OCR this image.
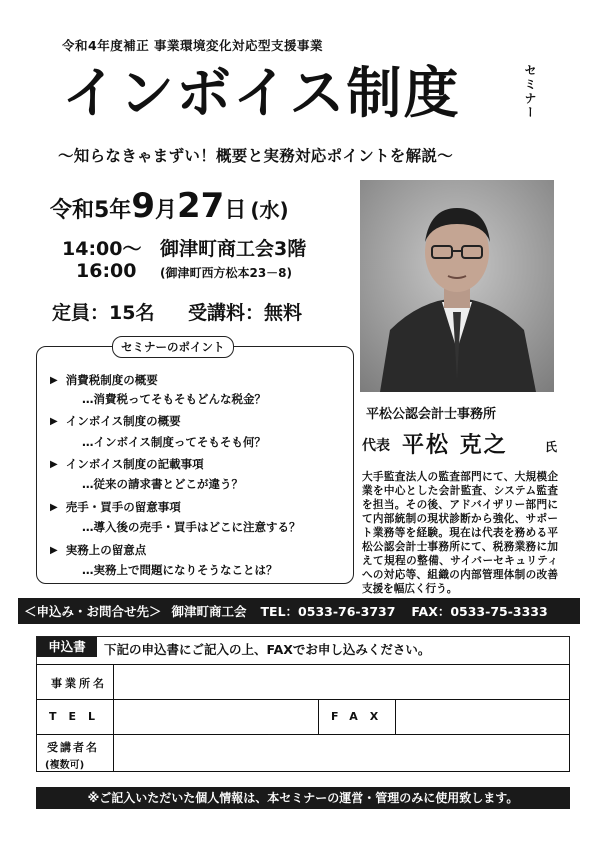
令和4年度補正 事業環境変化対応型支援事業
インボイス制度	セミナー
～知らなきゃまずい！概要と実務対応ポイントを解説～
令和5年9月27日 (水)
14:00～
16:00
御津町商工会3階
(御津町西方松本23－8)
定員：15名 受講料：無料
平松公認会計士事務所
代表 平松 克之	氏
大手監査法人の監査部門にて、大規模企業を中心とした会計監査、システム監査を担当。その後、アドバイザリー部門にて内部統制の現状診断から強化、サポート業務等を経験。現在は代表を務める平松公認会計士事務所にて、税務業務に加えて規程の整備、サイバーセキュリティへの対応等、組織の内部管理体制の改善支援を幅広く行う。
セミナーのポイント
▶ 消費税制度の概要
…消費税ってそもそもどんな税金？
▶ インボイス制度の概要
…インボイス制度ってそもそも何？
▶ インボイス制度の記載事項
…従来の請求書とどこが違う？
▶ 売手・買手の留意事項
…導入後の売手・買手はどこに注意する？
▶ 実務上の留意点
…実務上で問題になりそうなことは？
＜申込み・お問合せ先＞ 御津町商工会 TEL：0533-76-3737 FAX：0533-75-3333
申込書	下記の申込書にご記入の上、FAXでお申し込みください。
事業所名
TEL	FAX
受講者名
(複数可)
※ご記入いただいた個人情報は、本セミナーの運営・管理のみに使用致します。
